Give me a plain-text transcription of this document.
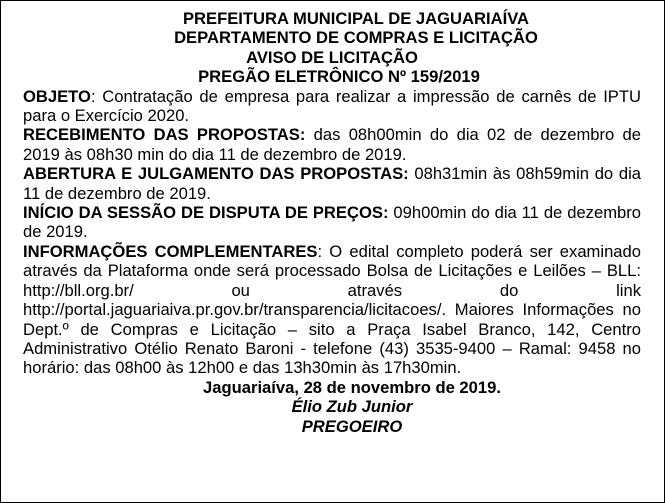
PREFEITURA MUNICIPAL DE JAGUARIAÍVA
DEPARTAMENTO DE COMPRAS E LICITAÇÃO
AVISO DE LICITAÇÃO
PREGÃO ELETRÔNICO Nº 159/2019

OBJETO: Contratação de empresa para realizar a impressão de carnês de IPTU para o Exercício 2020.

RECEBIMENTO DAS PROPOSTAS: das 08h00min do dia 02 de dezembro de 2019 às 08h30 min do dia 11 de dezembro de 2019.

ABERTURA E JULGAMENTO DAS PROPOSTAS: 08h31min às 08h59min do dia 11 de dezembro de 2019.

INÍCIO DA SESSÃO DE DISPUTA DE PREÇOS: 09h00min do dia 11 de dezembro de 2019.

INFORMAÇÕES COMPLEMENTARES: O edital completo poderá ser examinado através da Plataforma onde será processado Bolsa de Licitações e Leilões – BLL: http://bll.org.br/ ou através do link http://portal.jaguariaiva.pr.gov.br/transparencia/licitacoes/. Maiores Informações no Dept.º de Compras e Licitação – sito a Praça Isabel Branco, 142, Centro Administrativo Otélio Renato Baroni - telefone (43) 3535-9400 – Ramal: 9458 no horário: das 08h00 às 12h00 e das 13h30min às 17h30min.

Jaguariaíva, 28 de novembro de 2019.
Élio Zub Junior
PREGOEIRO
